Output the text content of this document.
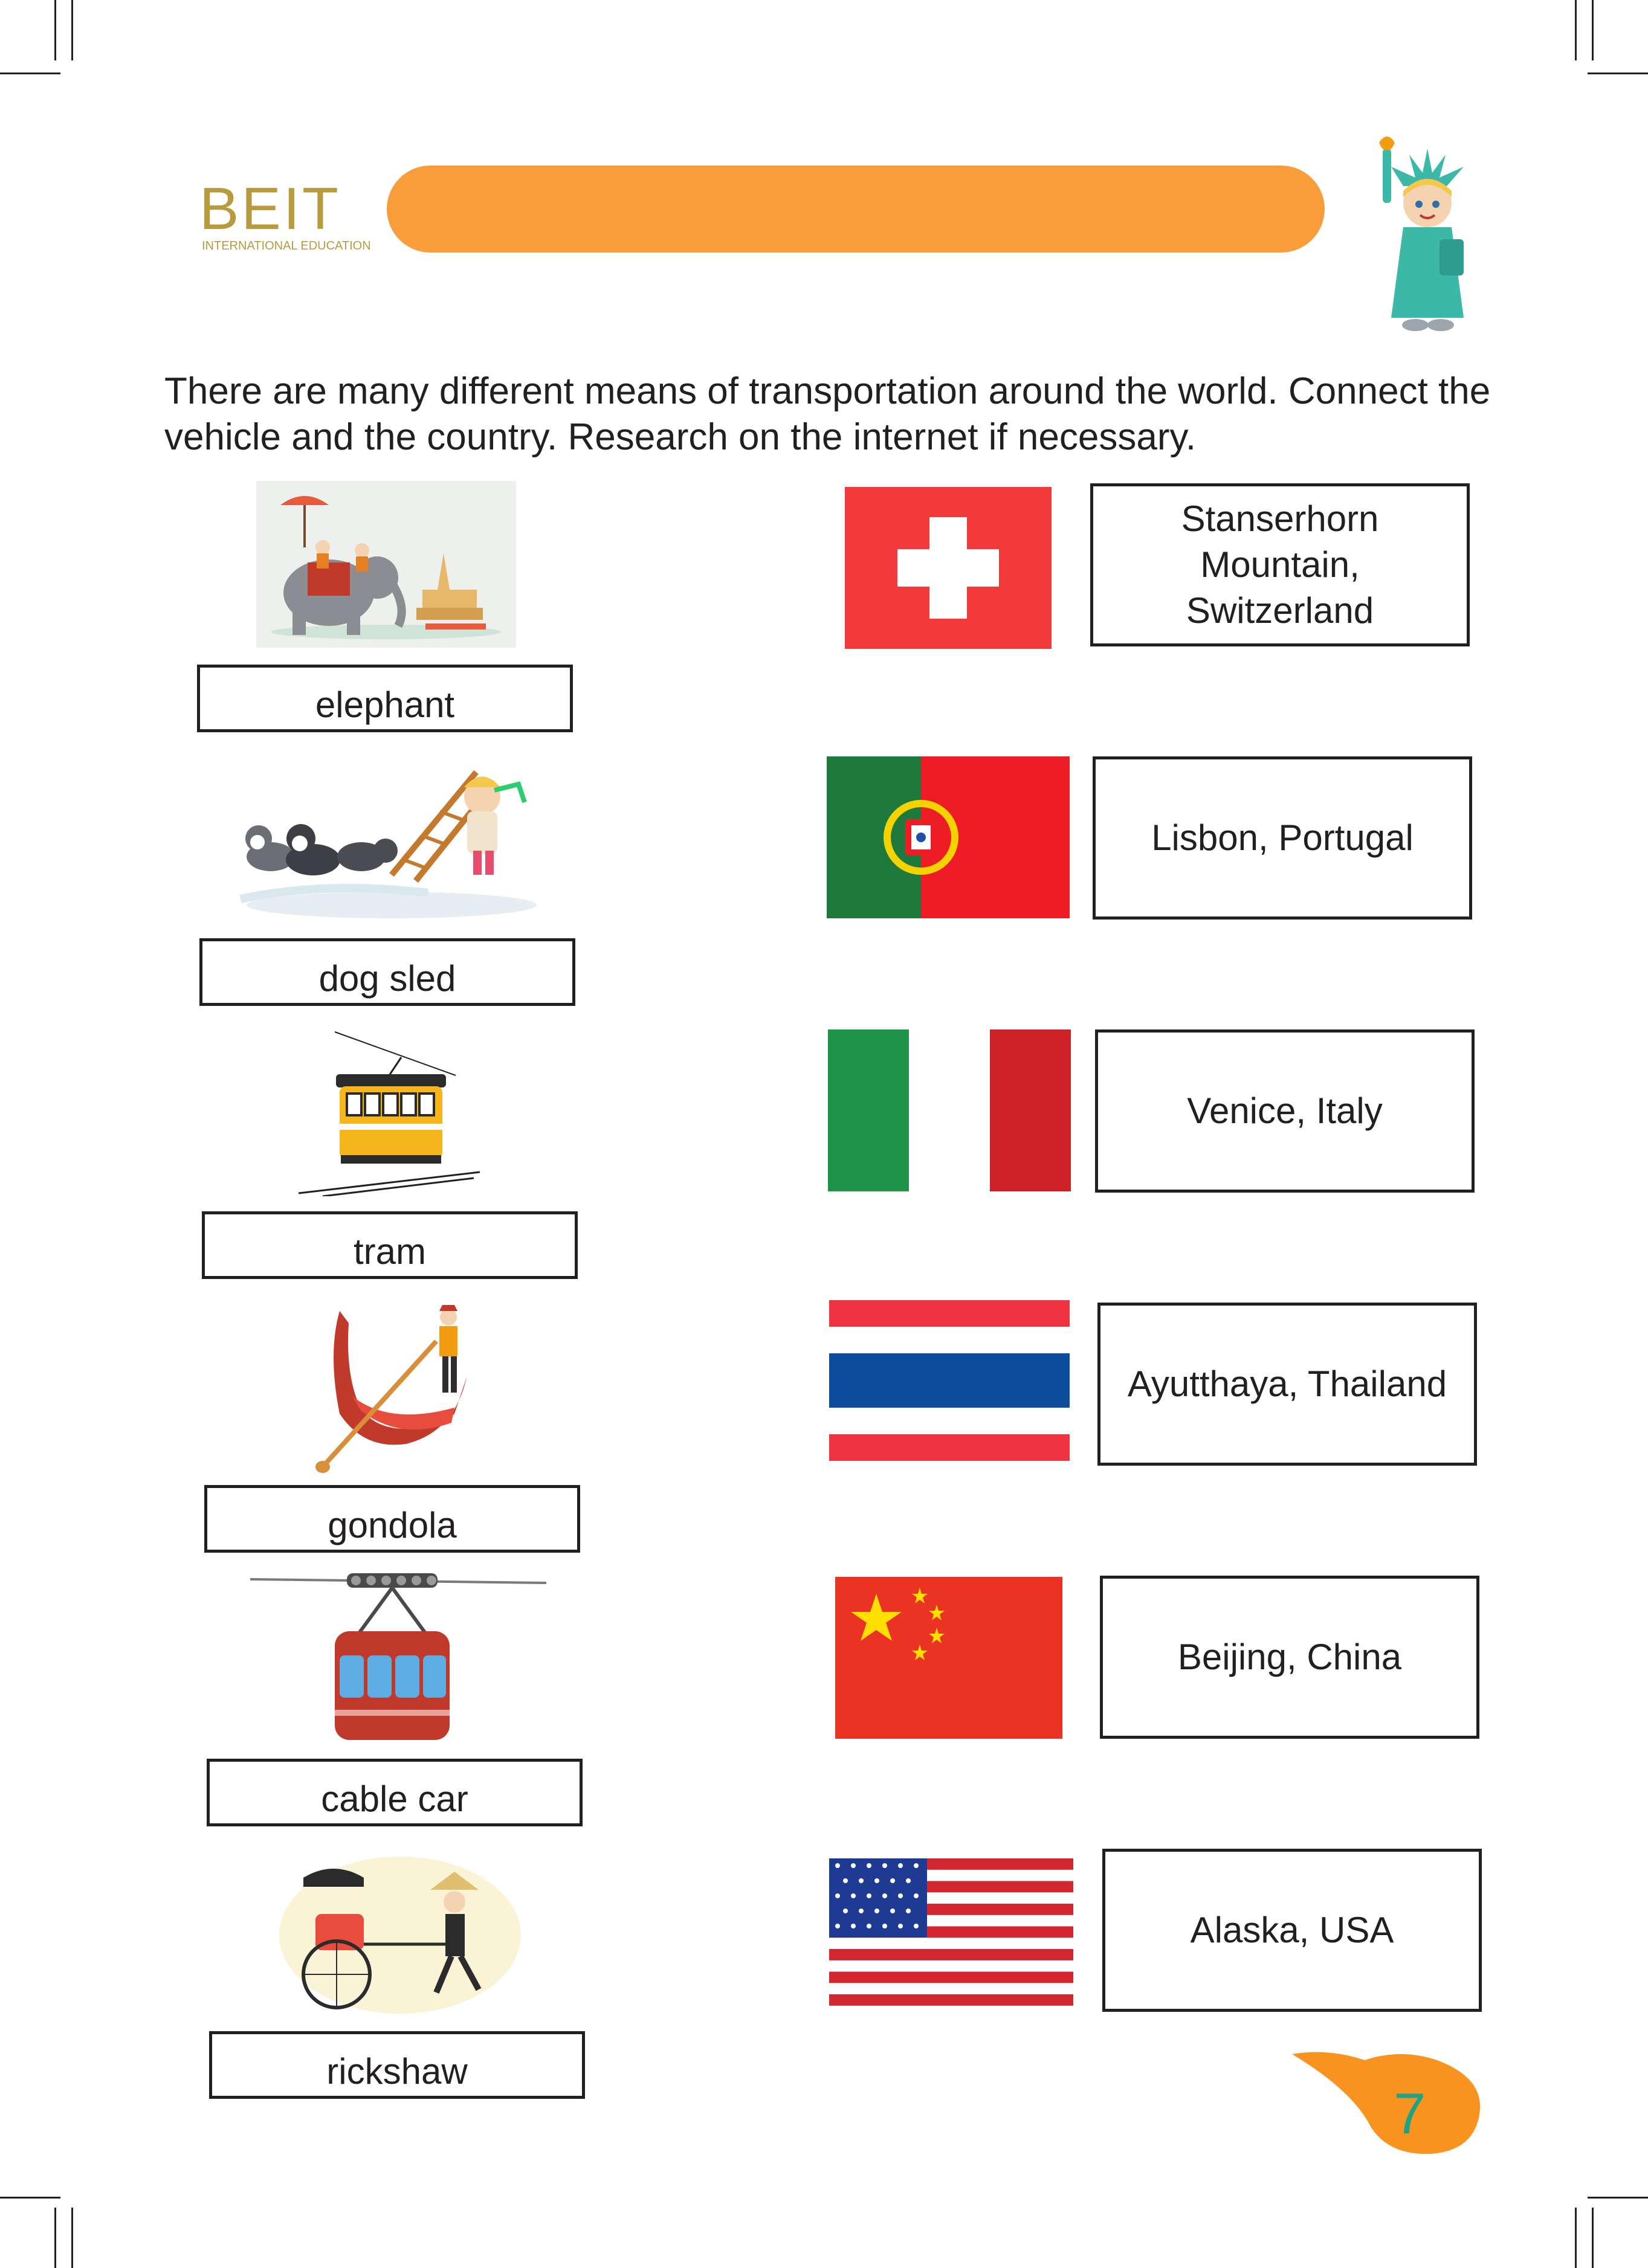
BEIT
INTERNATIONAL EDUCATION
There are many different means of transportation around the world. Connect the vehicle and the country. Research on the internet if necessary.
elephant
dog sled
tram
gondola
cable car
rickshaw
Stanserhorn
Mountain,
Switzerland
Lisbon, Portugal
Venice, Italy
Ayutthaya, Thailand
Beijing, China
Alaska, USA
7
